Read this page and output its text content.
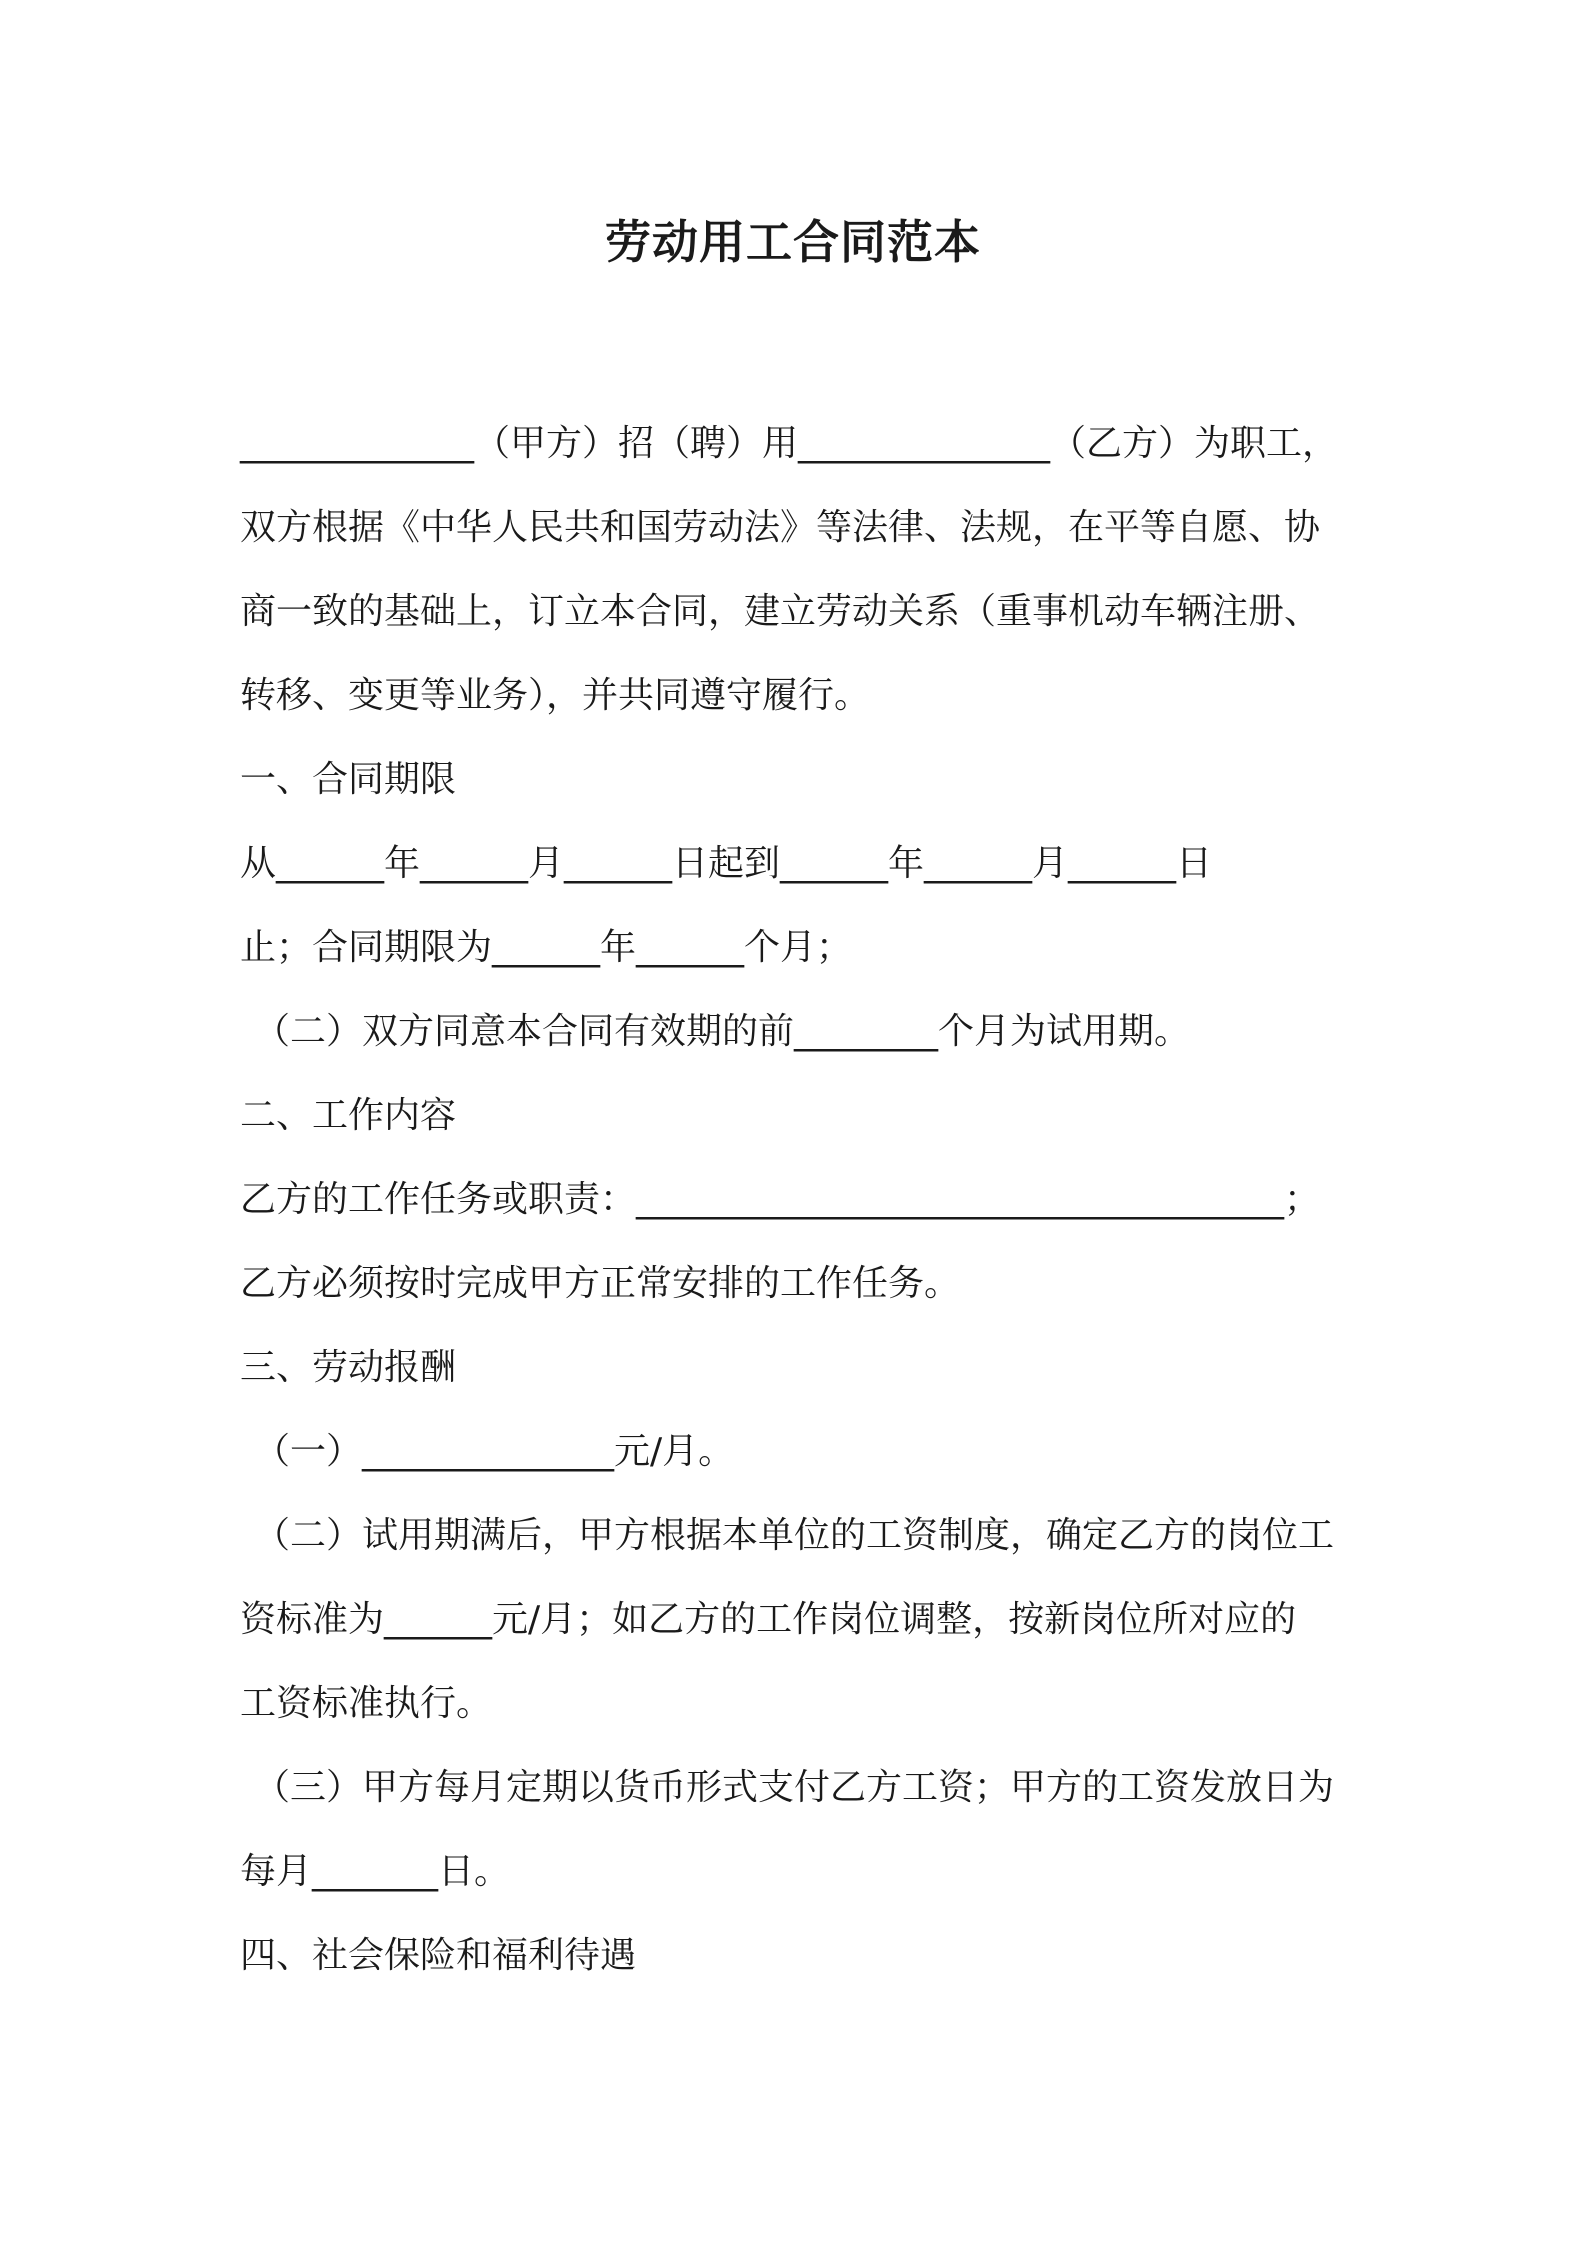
劳动用工合同范本
_____________（甲方）招（聘）用______________（乙方）为职工，
双方根据《中华人民共和国劳动法》等法律、法规，在平等自愿、协
商一致的基础上，订立本合同，建立劳动关系（重事机动车辆注册、
转移、变更等业务），并共同遵守履行。
一、合同期限
从______年______月______日起到______年______月______日
止；合同期限为______年______个月；
（二）双方同意本合同有效期的前________个月为试用期。
二、工作内容
乙方的工作任务或职责：____________________________________；
乙方必须按时完成甲方正常安排的工作任务。
三、劳动报酬
（一）______________元/月。
（二）试用期满后，甲方根据本单位的工资制度，确定乙方的岗位工
资标准为______元/月；如乙方的工作岗位调整，按新岗位所对应的
工资标准执行。
（三）甲方每月定期以货币形式支付乙方工资；甲方的工资发放日为
每月_______日。
四、社会保险和福利待遇
